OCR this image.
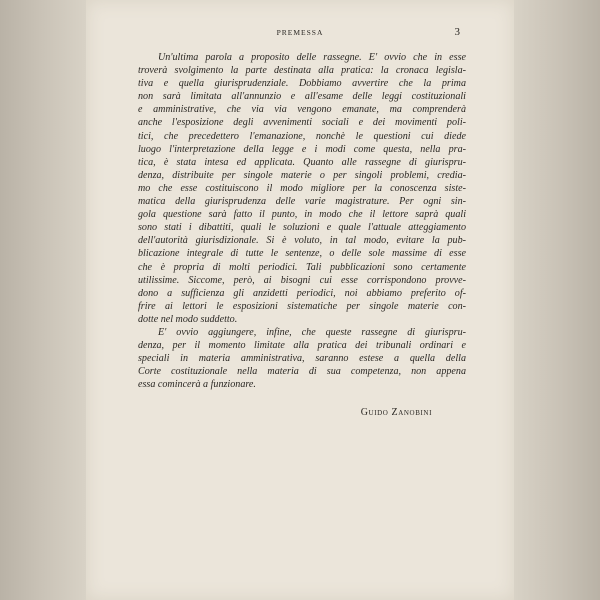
PREMESSA	3
Un'ultima parola a proposito delle rassegne. E' ovvio che in esse
troverà svolgimento la parte destinata alla pratica: la cronaca legisla-
tiva e quella giurisprudenziale. Dobbiamo avvertire che la prima
non sarà limitata all'annunzio e all'esame delle leggi costituzionali
e amministrative, che via via vengono emanate, ma comprenderà
anche l'esposizione degli avvenimenti sociali e dei movimenti poli-
tici, che precedettero l'emanazione, nonchè le questioni cui diede
luogo l'interpretazione della legge e i modi come questa, nella pra-
tica, è stata intesa ed applicata. Quanto alle rassegne di giurispru-
denza, distribuite per singole materie o per singoli problemi, credia-
mo che esse costituiscono il modo migliore per la conoscenza siste-
matica della giurisprudenza delle varie magistrature. Per ogni sin-
gola questione sarà fatto il punto, in modo che il lettore saprà quali
sono stati i dibattiti, quali le soluzioni e quale l'attuale atteggiamento
dell'autorità giurisdizionale. Si è voluto, in tal modo, evitare la pub-
blicazione integrale di tutte le sentenze, o delle sole massime di esse
che è propria di molti periodici. Tali pubblicazioni sono certamente
utilissime. Siccome, però, ai bisogni cui esse corrispondono provve-
dono a sufficienza gli anzidetti periodici, noi abbiamo preferito of-
frire ai lettori le esposizioni sistematiche per singole materie con-
dotte nel modo suddetto.
E' ovvio aggiungere, infine, che queste rassegne di giurispru-
denza, per il momento limitate alla pratica dei tribunali ordinari e
speciali in materia amministrativa, saranno estese a quella della
Corte costituzionale nella materia di sua competenza, non appena
essa comincerà a funzionare.
Guido Zanobini
